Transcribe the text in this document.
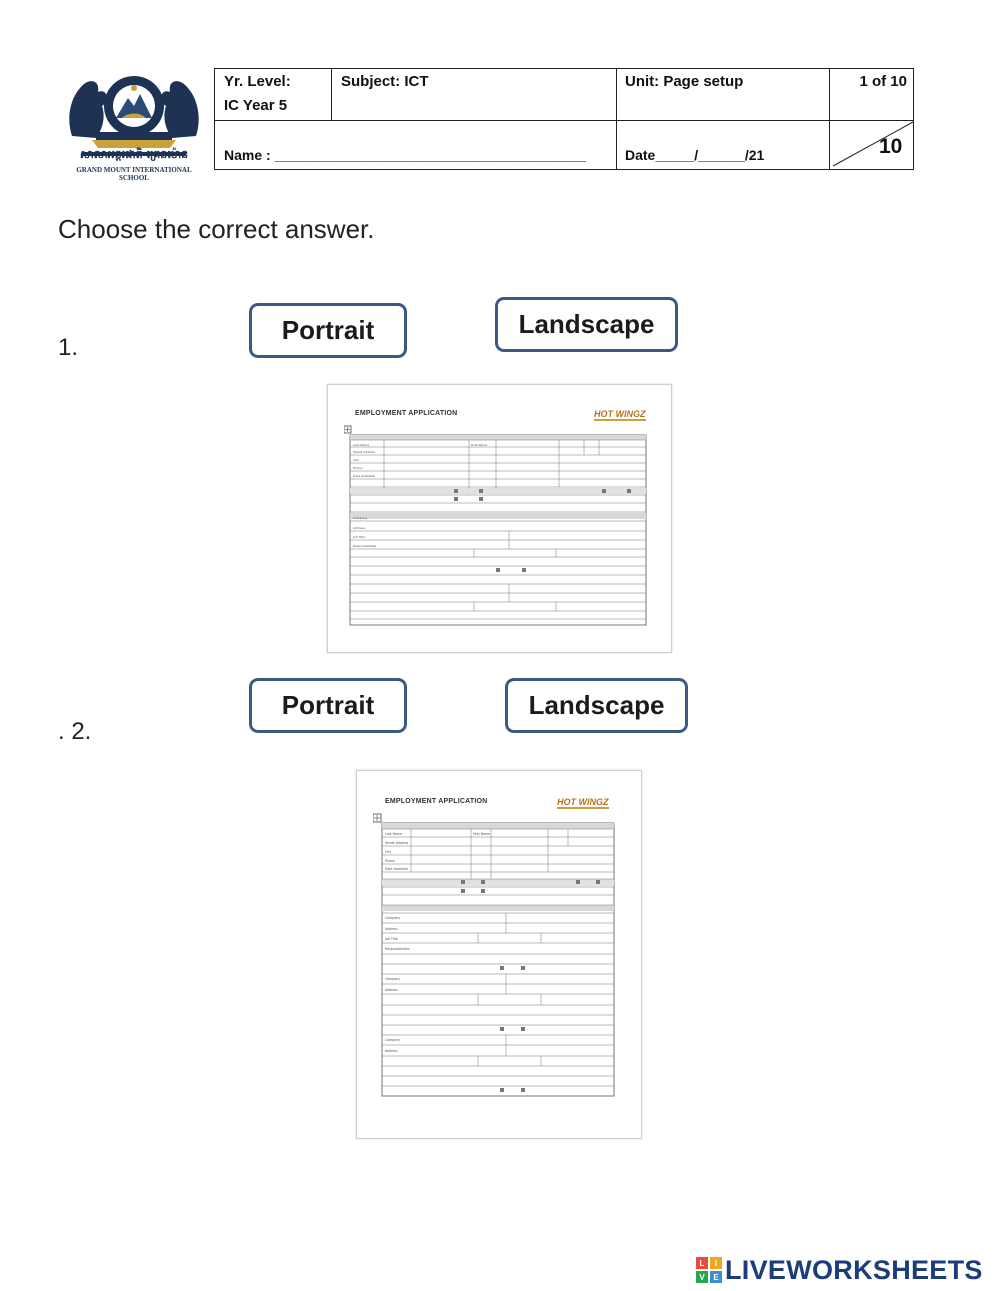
សាលាអន្តរជាតិ គ្រេនម៉ោន
GRAND MOUNT INTERNATIONAL SCHOOL
Yr. Level:
IC Year 5
Subject: ICT	Unit: Page setup	1 of 10
Name : ________________________________________	Date_____/______/21	10
Choose the correct answer.
1.
Portrait	Landscape
EMPLOYMENT APPLICATION	HOT WINGZ
Last Name	First Name
Street Address
City
Phone
Date Available
Company
Address
Job Title
Responsibilities
. 2.
Portrait	Landscape
EMPLOYMENT APPLICATION	HOT WINGZ
Last Name	First Name
Street Address
City
Phone
Date Available
Company
Address
Job Title
Responsibilities
Company
Address
Company
Address
L	I
V	E LIVEWORKSHEETS
